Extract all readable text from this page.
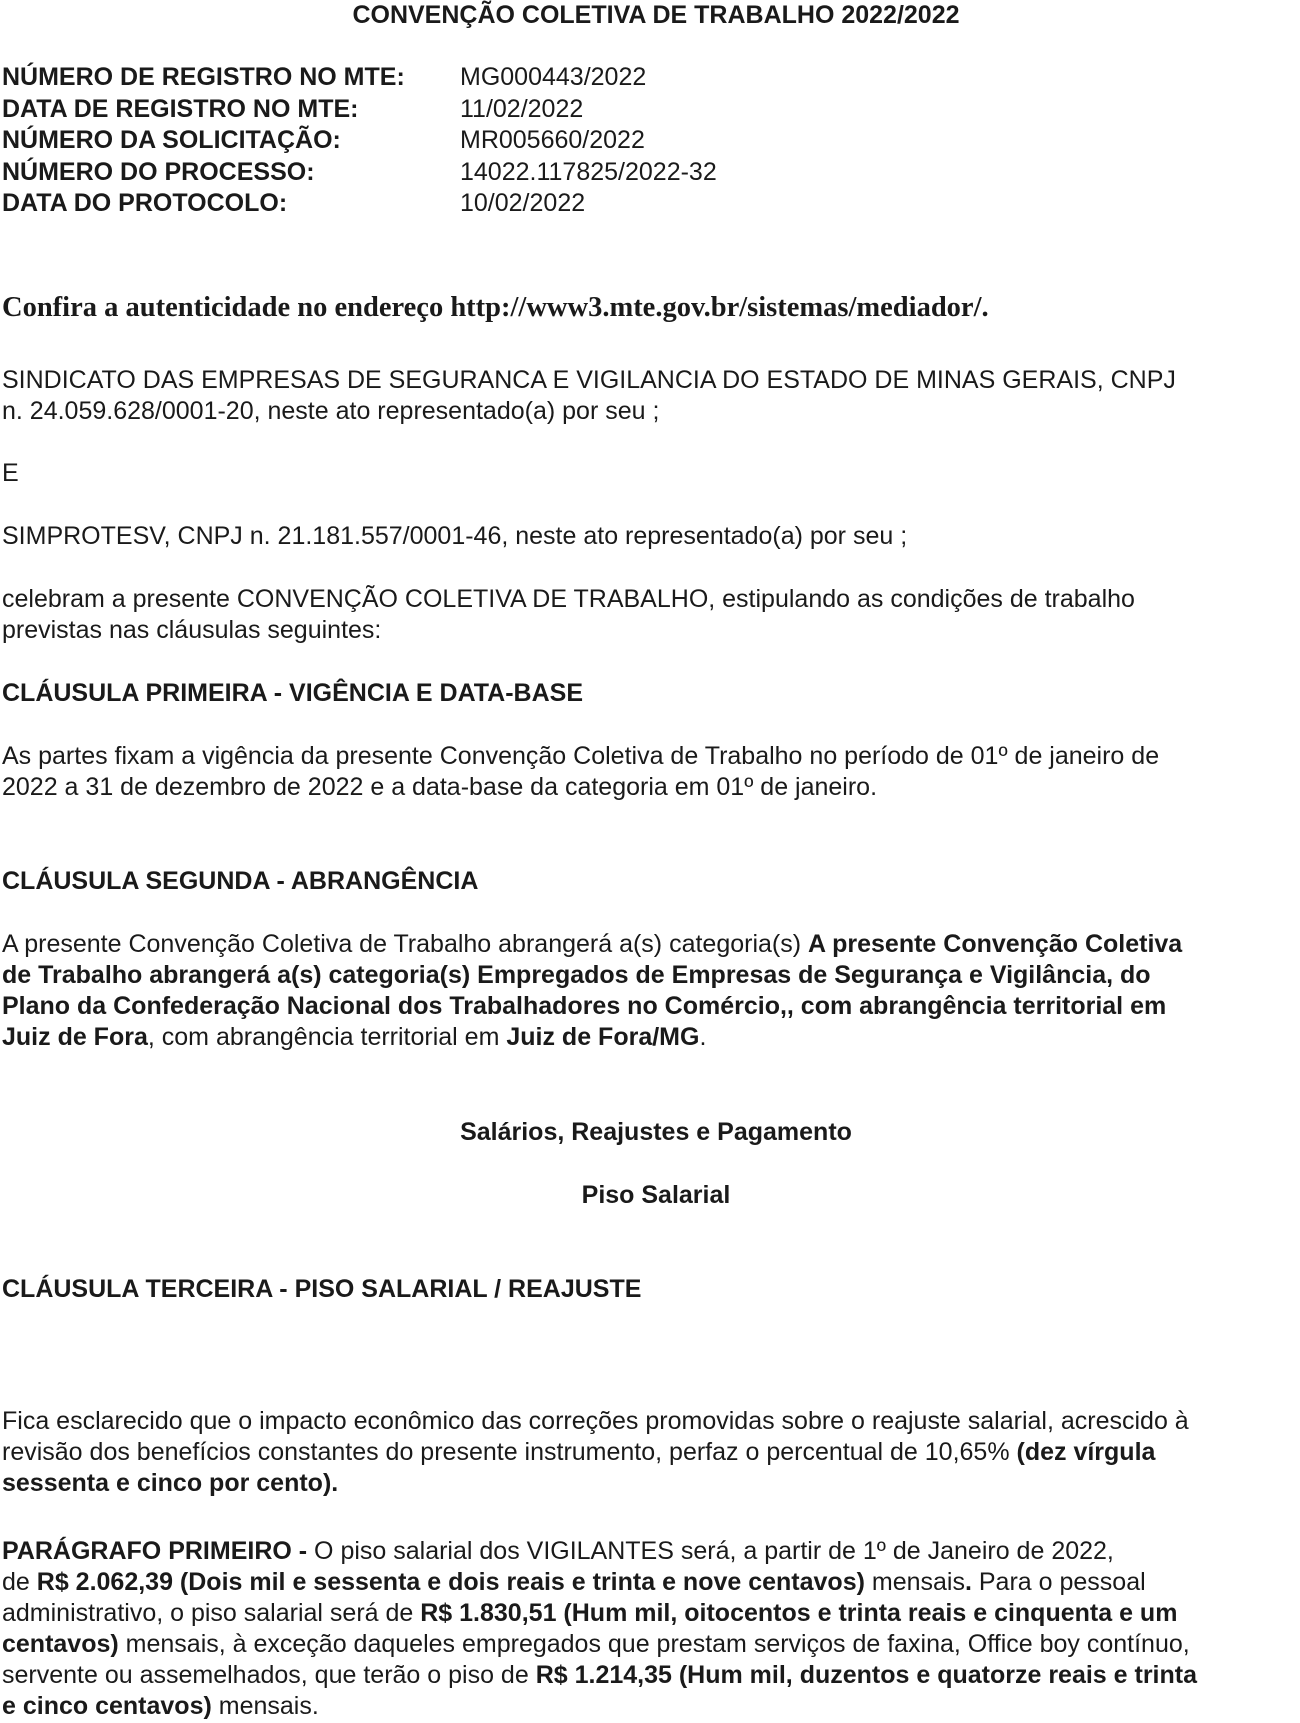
CONVENÇÃO COLETIVA DE TRABALHO 2022/2022
NÚMERO DE REGISTRO NO MTE:	MG000443/2022
DATA DE REGISTRO NO MTE:	11/02/2022
NÚMERO DA SOLICITAÇÃO:	MR005660/2022
NÚMERO DO PROCESSO:	14022.117825/2022-32
DATA DO PROTOCOLO:	10/02/2022
Confira a autenticidade no endereço http://www3.mte.gov.br/sistemas/mediador/.
SINDICATO DAS EMPRESAS DE SEGURANCA E VIGILANCIA DO ESTADO DE MINAS GERAIS, CNPJ
n. 24.059.628/0001-20, neste ato representado(a) por seu ;
E
SIMPROTESV, CNPJ n. 21.181.557/0001-46, neste ato representado(a) por seu ;
celebram a presente CONVENÇÃO COLETIVA DE TRABALHO, estipulando as condições de trabalho
previstas nas cláusulas seguintes:
CLÁUSULA PRIMEIRA - VIGÊNCIA E DATA-BASE
As partes fixam a vigência da presente Convenção Coletiva de Trabalho no período de 01º de janeiro de
2022 a 31 de dezembro de 2022 e a data-base da categoria em 01º de janeiro.
CLÁUSULA SEGUNDA - ABRANGÊNCIA
A presente Convenção Coletiva de Trabalho abrangerá a(s) categoria(s) A presente Convenção Coletiva
de Trabalho abrangerá a(s) categoria(s) Empregados de Empresas de Segurança e Vigilância, do
Plano da Confederação Nacional dos Trabalhadores no Comércio,, com abrangência territorial em
Juiz de Fora, com abrangência territorial em Juiz de Fora/MG.
Salários, Reajustes e Pagamento
Piso Salarial
CLÁUSULA TERCEIRA - PISO SALARIAL / REAJUSTE
Fica esclarecido que o impacto econômico das correções promovidas sobre o reajuste salarial, acrescido à
revisão dos benefícios constantes do presente instrumento, perfaz o percentual de 10,65% (dez vírgula
sessenta e cinco por cento).
PARÁGRAFO PRIMEIRO - O piso salarial dos VIGILANTES será, a partir de 1º de Janeiro de 2022,
de R$ 2.062,39 (Dois mil e sessenta e dois reais e trinta e nove centavos) mensais. Para o pessoal
administrativo, o piso salarial será de R$ 1.830,51 (Hum mil, oitocentos e trinta reais e cinquenta e um
centavos) mensais, à exceção daqueles empregados que prestam serviços de faxina, Office boy contínuo,
servente ou assemelhados, que terão o piso de R$ 1.214,35 (Hum mil, duzentos e quatorze reais e trinta
e cinco centavos) mensais.
